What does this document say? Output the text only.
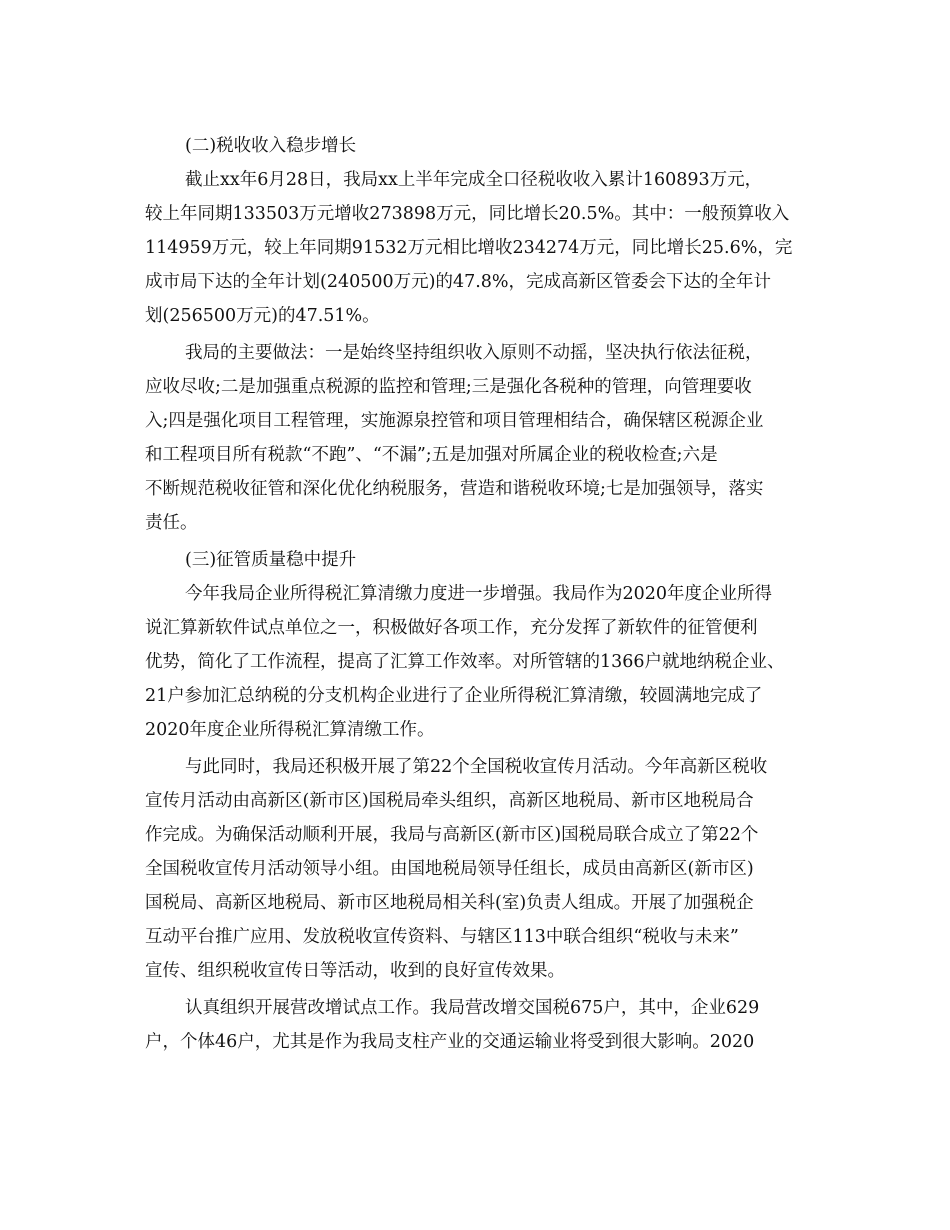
(二)税收收入稳步增长

截止xx年6月28日，我局xx上半年完成全口径税收收入累计160893万元，

较上年同期133503万元增收273898万元，同比增长20.5%。其中：一般预算收入

114959万元，较上年同期91532万元相比增收234274万元，同比增长25.6%，完

成市局下达的全年计划(240500万元)的47.8%，完成高新区管委会下达的全年计

划(256500万元)的47.51%。

我局的主要做法：一是始终坚持组织收入原则不动摇，坚决执行依法征税，

应收尽收;二是加强重点税源的监控和管理;三是强化各税种的管理，向管理要收

入;四是强化项目工程管理，实施源泉控管和项目管理相结合，确保辖区税源企业

和工程项目所有税款“不跑”、“不漏”;五是加强对所属企业的税收检查;六是

不断规范税收征管和深化优化纳税服务，营造和谐税收环境;七是加强领导，落实

责任。

(三)征管质量稳中提升

今年我局企业所得税汇算清缴力度进一步增强。我局作为2020年度企业所得

说汇算新软件试点单位之一，积极做好各项工作，充分发挥了新软件的征管便利

优势，简化了工作流程，提高了汇算工作效率。对所管辖的1366户就地纳税企业、

21户参加汇总纳税的分支机构企业进行了企业所得税汇算清缴，较圆满地完成了

2020年度企业所得税汇算清缴工作。

与此同时，我局还积极开展了第22个全国税收宣传月活动。今年高新区税收

宣传月活动由高新区(新市区)国税局牵头组织，高新区地税局、新市区地税局合

作完成。为确保活动顺利开展，我局与高新区(新市区)国税局联合成立了第22个

全国税收宣传月活动领导小组。由国地税局领导任组长，成员由高新区(新市区)

国税局、高新区地税局、新市区地税局相关科(室)负责人组成。开展了加强税企

互动平台推广应用、发放税收宣传资料、与辖区113中联合组织“税收与未来”

宣传、组织税收宣传日等活动，收到的良好宣传效果。

认真组织开展营改增试点工作。我局营改增交国税675户，其中，企业629

户，个体46户，尤其是作为我局支柱产业的交通运输业将受到很大影响。2020
